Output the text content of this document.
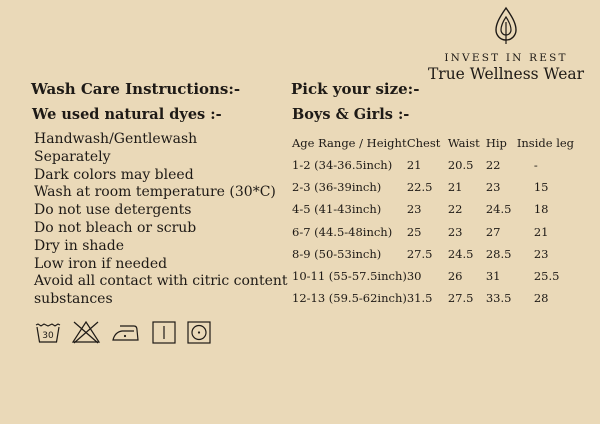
INVEST IN REST
True Wellness Wear
Wash Care Instructions:-
We used natural dyes :-
Handwash/Gentlewash
Separately
Dark colors may bleed
Wash at room temperature (30*C)
Do not use detergents
Do not bleach or scrub
Dry in shade
Low iron if needed
Avoid all contact with citric content
substances
30
Pick your size:-
Boys & Girls :-
Age Range / Height	Chest	Waist	Hip	Inside leg
1-2 (34-36.5inch)	21	20.5	22	-
2-3 (36-39inch)	22.5	21	23	15
4-5 (41-43inch)	23	22	24.5	18
6-7 (44.5-48inch)	25	23	27	21
8-9 (50-53inch)	27.5	24.5	28.5	23
10-11 (55-57.5inch)	30	26	31	25.5
12-13 (59.5-62inch)	31.5	27.5	33.5	28
